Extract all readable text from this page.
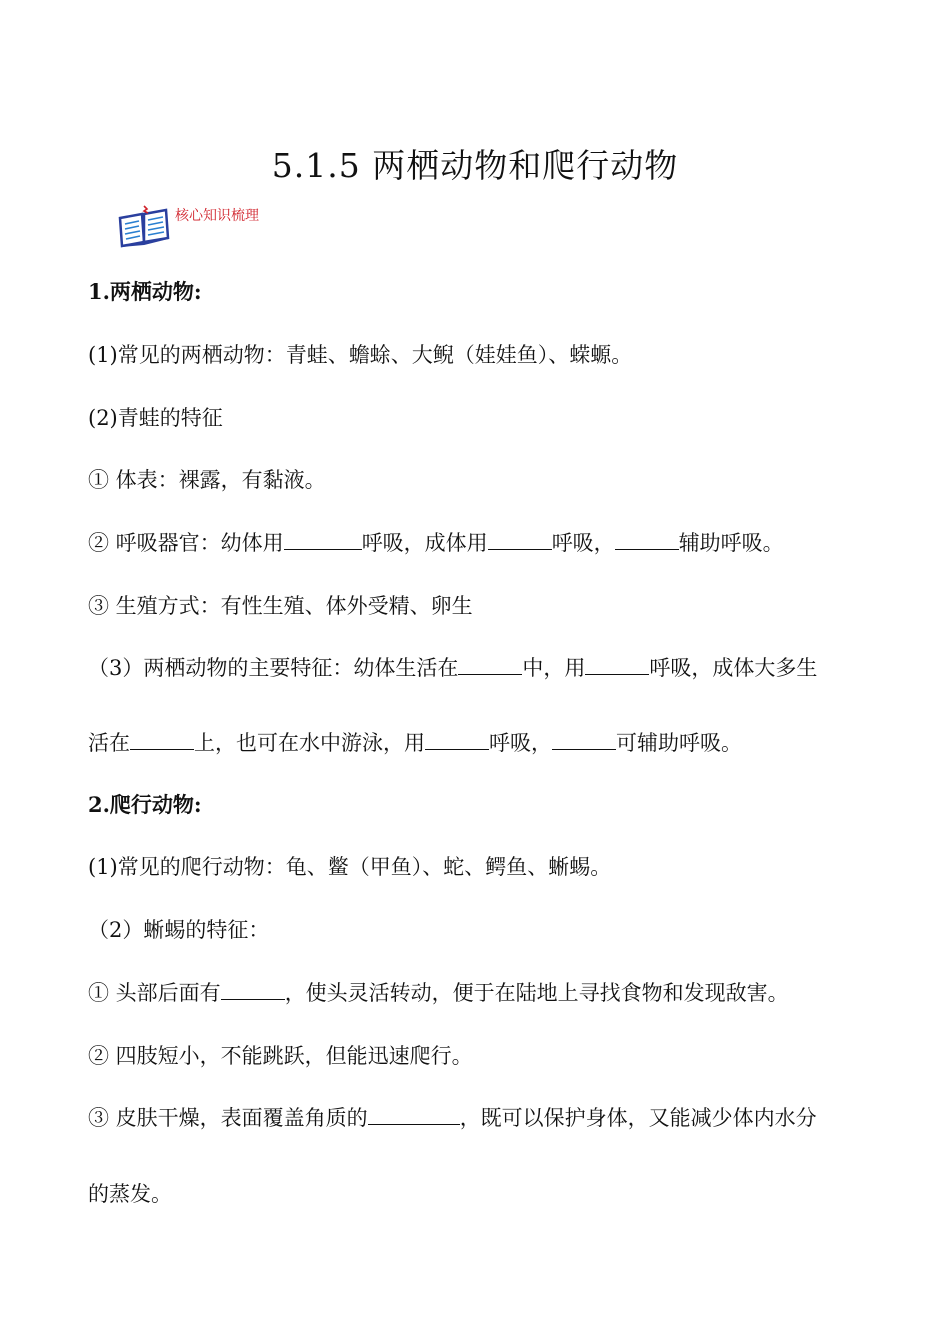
5.1.5 两栖动物和爬行动物
核心知识梳理
1.两栖动物:
(1)常见的两栖动物：青蛙、蟾蜍、大鲵（娃娃鱼）、蝾螈。
(2)青蛙的特征
① 体表：裸露，有黏液。
② 呼吸器官：幼体用	呼吸，成体用	呼吸，	辅助呼吸。
③ 生殖方式：有性生殖、体外受精、卵生
（3）两栖动物的主要特征：幼体生活在	中，用	呼吸，成体大多生
活在	上，也可在水中游泳，用	呼吸，	可辅助呼吸。
2.爬行动物:
(1)常见的爬行动物：龟、鳖（甲鱼）、蛇、鳄鱼、蜥蜴。
（2）蜥蜴的特征：
① 头部后面有	，使头灵活转动，便于在陆地上寻找食物和发现敌害。
② 四肢短小，不能跳跃，但能迅速爬行。
③ 皮肤干燥，表面覆盖角质的	，既可以保护身体，又能减少体内水分
的蒸发。
